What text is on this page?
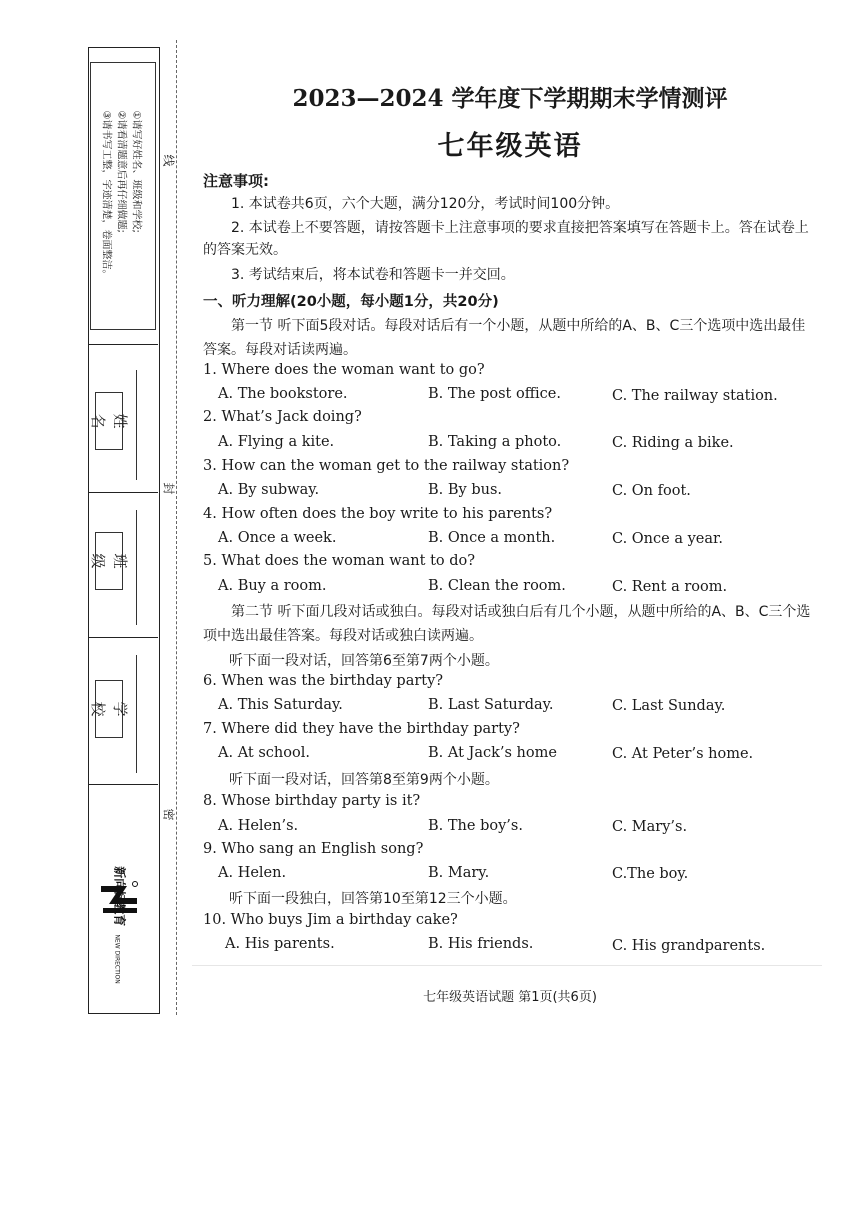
①请写好姓名、班级和学校;
②请看清题意后再仔细做题;
③请书写工整，字迹清楚，卷面整洁。
姓 名
班 级
学 校
新向标教育 NEW DIRECTION
线
封
密
2023—2024 学年度下学期期末学情测评
七年级英语
注意事项:
1. 本试卷共6页，六个大题，满分120分，考试时间100分钟。
2. 本试卷上不要答题，请按答题卡上注意事项的要求直接把答案填写在答题卡上。答在试卷上的答案无效。
3. 考试结束后，将本试卷和答题卡一并交回。
一、听力理解(20小题，每小题1分，共20分)
第一节 听下面5段对话。每段对话后有一个小题，从题中所给的A、B、C三个选项中选出最佳答案。每段对话读两遍。
1. Where does the woman want to go?
A. The bookstore.	B. The post office.	C. The railway station.
2. What’s Jack doing?
A. Flying a kite.	B. Taking a photo.	C. Riding a bike.
3. How can the woman get to the railway station?
A. By subway.	B. By bus.	C. On foot.
4. How often does the boy write to his parents?
A. Once a week.	B. Once a month.	C. Once a year.
5. What does the woman want to do?
A. Buy a room.	B. Clean the room.	C. Rent a room.
第二节 听下面几段对话或独白。每段对话或独白后有几个小题，从题中所给的A、B、C三个选项中选出最佳答案。每段对话或独白读两遍。
听下面一段对话，回答第6至第7两个小题。
6. When was the birthday party?
A. This Saturday.	B. Last Saturday.	C. Last Sunday.
7. Where did they have the birthday party?
A. At school.	B. At Jack’s home	C. At Peter’s home.
听下面一段对话，回答第8至第9两个小题。
8. Whose birthday party is it?
A. Helen’s.	B. The boy’s.	C. Mary’s.
9. Who sang an English song?
A. Helen.	B. Mary.	C.The boy.
听下面一段独白，回答第10至第12三个小题。
10. Who buys Jim a birthday cake?
A. His parents.	B. His friends.	C. His grandparents.
七年级英语试题 第1页(共6页)
